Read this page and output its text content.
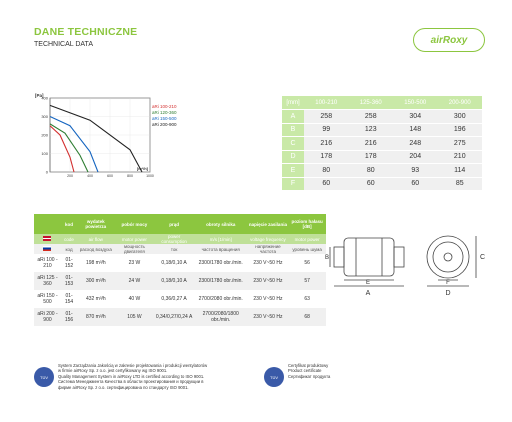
DANE TECHNICZNE
TECHNICAL DATA	airRoxy
400
300
200
100
0
200	400	600	800	1000
[Pa]
[m³/h]
aRi 100-210
aRi 120-360
aRi 150-500
aRi 200-900
[mm]	100-210	125-360	150-500	200-900
A	258	258	304	300
B	99	123	148	196
C	216	216	248	275
D	178	178	204	210
E	80	80	93	114
F	60	60	60	85
	kod	wydatek powietrza	pobór mocy	prąd	obroty silnika	napięcie zasilania	poziom hałasu [dB]
	code	air flow	motor power	power consumption	m/s [1/min]	voltage frequency	motor power
	код	расход воздуха	мощность двигателя	ток	частота вращения	напряжение частота	уровень шума
aRi 100 - 210	01-152	198 m³/h	23 W	0,18/0,10 A	2300/1780 obr./min.	230 V~50 Hz	56
aRi 125 - 360	01-153	300 m³/h	24 W	0,18/0,10 A	2300/1780 obr./min.	230 V~50 Hz	57
aRi 150 - 500	01-154	432 m³/h	40 W	0,36/0,27 A	2700/2080 obr./min.	230 V~50 Hz	63
aRi 200 - 900	01-156	870 m³/h	105 W	0,34/0,27/0,24 A	2700/2080/1800 obr./min.	230 V~50 Hz	68
E
A
B	C
D
F
TÜV
System Zarządzania Jakością w zakresie projektowania i produkcji wentylatorów
w firmie airRoxy Sp. z o.o. jest certyfikowany wg ISO 9001.
Quality Management System in airRoxy LTD is certified according to ISO 9001.
Система Менеджмента Качества в области проектирования и продукции в
фирме airRoxy Sp. z o.o. сертифицирована по стандарту ISO 9001.
TÜV
Certyfikat produktowy
Product certificate
Сертификат продукта
